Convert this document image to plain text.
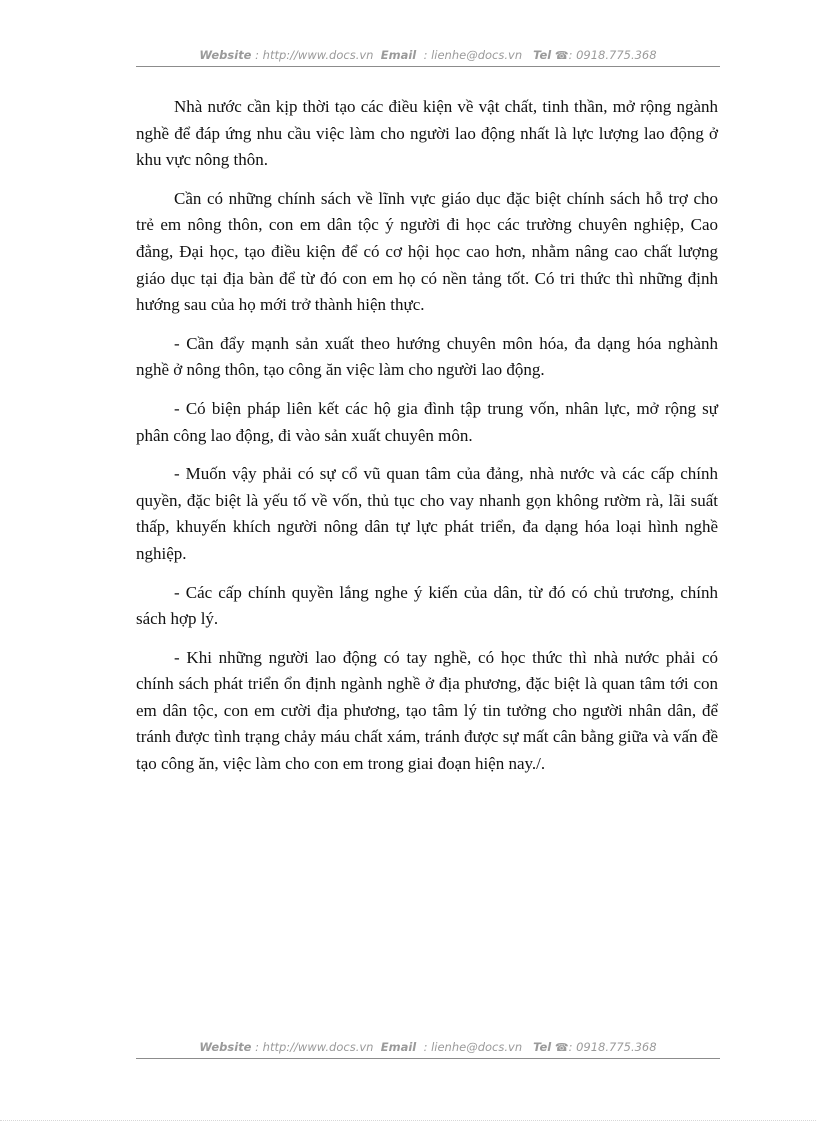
Website : http://www.docs.vn Email : lienhe@docs.vn Tel ☎: 0918.775.368

Nhà nước cần kịp thời tạo các điều kiện về vật chất, tinh thần, mở rộng ngành nghề để đáp ứng nhu cầu việc làm cho người lao động nhất là lực lượng lao động ở khu vực nông thôn.

Cần có những chính sách về lĩnh vực giáo dục đặc biệt chính sách hỗ trợ cho trẻ em nông thôn, con em dân tộc ý người đi học các trường chuyên nghiệp, Cao đẳng, Đại học, tạo điều kiện để có cơ hội học cao hơn, nhằm nâng cao chất lượng giáo dục tại địa bàn để từ đó con em họ có nền tảng tốt. Có tri thức thì những định hướng sau của họ mới trở thành hiện thực.

- Cần đẩy mạnh sản xuất theo hướng chuyên môn hóa, đa dạng hóa nghành nghề ở nông thôn, tạo công ăn việc làm cho người lao động.

- Có biện pháp liên kết các hộ gia đình tập trung vốn, nhân lực, mở rộng sự phân công lao động, đi vào sản xuất chuyên môn.

- Muốn vậy phải có sự cổ vũ quan tâm của đảng, nhà nước và các cấp chính quyền, đặc biệt là yếu tố về vốn, thủ tục cho vay nhanh gọn không rườm rà, lãi suất thấp, khuyến khích người nông dân tự lực phát triển, đa dạng hóa loại hình nghề nghiệp.

- Các cấp chính quyền lắng nghe ý kiến của dân, từ đó có chủ trương, chính sách hợp lý.

- Khi những người lao động có tay nghề, có học thức thì nhà nước phải có chính sách phát triển ổn định ngành nghề ở địa phương, đặc biệt là quan tâm tới con em dân tộc, con em cười địa phương, tạo tâm lý tin tưởng cho người nhân dân, để tránh được tình trạng chảy máu chất xám, tránh được sự mất cân bằng giữa và vấn đề tạo công ăn, việc làm cho con em trong giai đoạn hiện nay./.

Website : http://www.docs.vn Email : lienhe@docs.vn Tel ☎: 0918.775.368
